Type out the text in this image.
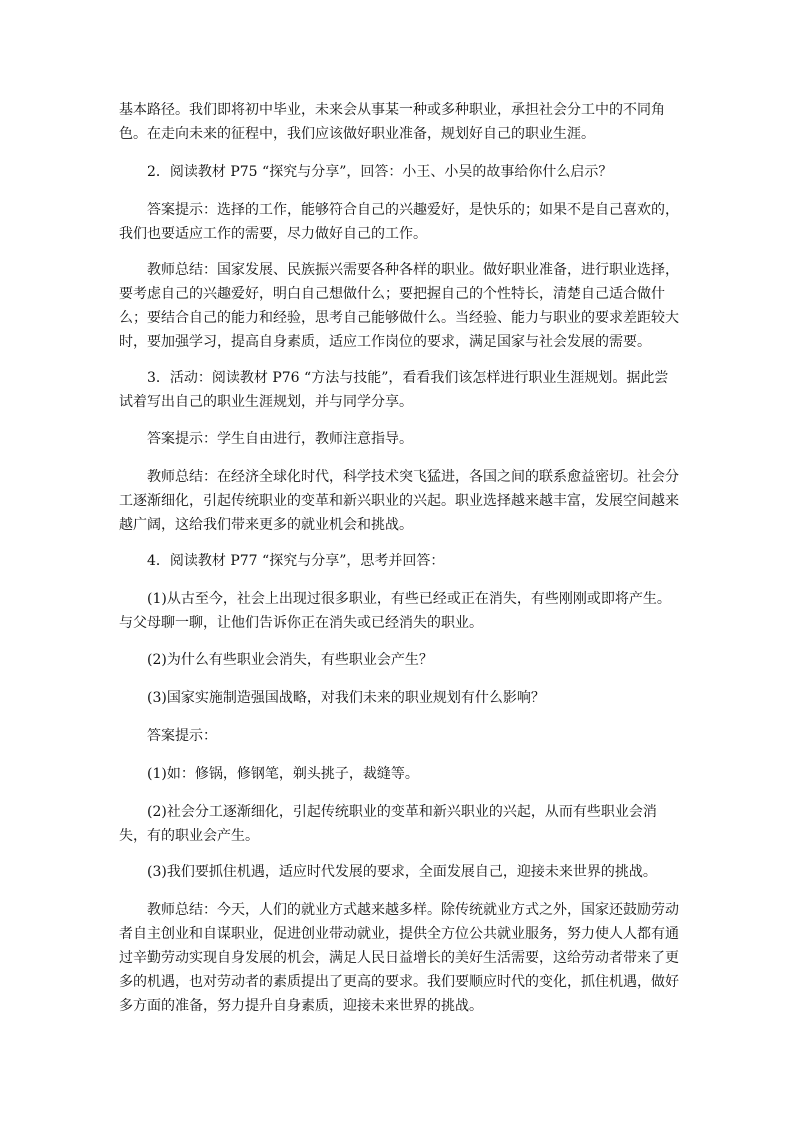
基本路径。我们即将初中毕业，未来会从事某一种或多种职业，承担社会分工中的不同角色。在走向未来的征程中，我们应该做好职业准备，规划好自己的职业生涯。

2．阅读教材 P75 “探究与分享”，回答：小王、小吴的故事给你什么启示？

答案提示：选择的工作，能够符合自己的兴趣爱好，是快乐的；如果不是自己喜欢的，我们也要适应工作的需要，尽力做好自己的工作。

教师总结：国家发展、民族振兴需要各种各样的职业。做好职业准备，进行职业选择，要考虑自己的兴趣爱好，明白自己想做什么；要把握自己的个性特长，清楚自己适合做什么；要结合自己的能力和经验，思考自己能够做什么。当经验、能力与职业的要求差距较大时，要加强学习，提高自身素质，适应工作岗位的要求，满足国家与社会发展的需要。

3．活动：阅读教材 P76 “方法与技能”，看看我们该怎样进行职业生涯规划。据此尝试着写出自己的职业生涯规划，并与同学分享。

答案提示：学生自由进行，教师注意指导。

教师总结：在经济全球化时代，科学技术突飞猛进，各国之间的联系愈益密切。社会分工逐渐细化，引起传统职业的变革和新兴职业的兴起。职业选择越来越丰富，发展空间越来越广阔，这给我们带来更多的就业机会和挑战。

4．阅读教材 P77 “探究与分享”，思考并回答：

(1)从古至今，社会上出现过很多职业，有些已经或正在消失，有些刚刚或即将产生。与父母聊一聊，让他们告诉你正在消失或已经消失的职业。

(2)为什么有些职业会消失，有些职业会产生？

(3)国家实施制造强国战略，对我们未来的职业规划有什么影响？

答案提示：

(1)如：修锅，修钢笔，剃头挑子，裁缝等。

(2)社会分工逐渐细化，引起传统职业的变革和新兴职业的兴起，从而有些职业会消失，有的职业会产生。

(3)我们要抓住机遇，适应时代发展的要求，全面发展自己，迎接未来世界的挑战。

教师总结：今天，人们的就业方式越来越多样。除传统就业方式之外，国家还鼓励劳动者自主创业和自谋职业，促进创业带动就业，提供全方位公共就业服务，努力使人人都有通过辛勤劳动实现自身发展的机会，满足人民日益增长的美好生活需要，这给劳动者带来了更多的机遇，也对劳动者的素质提出了更高的要求。我们要顺应时代的变化，抓住机遇，做好多方面的准备，努力提升自身素质，迎接未来世界的挑战。
